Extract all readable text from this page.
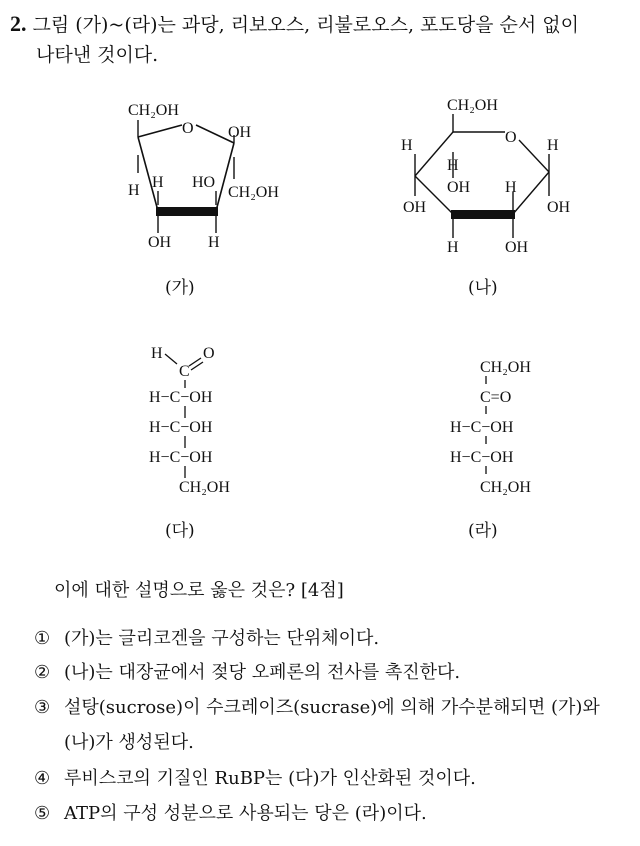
2. 그림 (가)~(라)는 과당, 리보오스, 리불로오스, 포도당을 순서 없이
나타낸 것이다.
CH₂OH
O OH
H H HO
CH₂OH
OH H
(가)
CH₂OH
O
H
H
H
OH H
OH	OH
H	OH
(나)
H
C
O
H−C−OH
H−C−OH
H−C−OH
CH₂OH
(다)
CH₂OH
C=O
H−C−OH
H−C−OH
CH₂OH
(라)
이에 대한 설명으로 옳은 것은? [4점]
① (가)는 글리코겐을 구성하는 단위체이다.
② (나)는 대장균에서 젖당 오페론의 전사를 촉진한다.
③ 설탕(sucrose)이 수크레이즈(sucrase)에 의해 가수분해되면 (가)와
(나)가 생성된다.
④ 루비스코의 기질인 RuBP는 (다)가 인산화된 것이다.
⑤ ATP의 구성 성분으로 사용되는 당은 (라)이다.
